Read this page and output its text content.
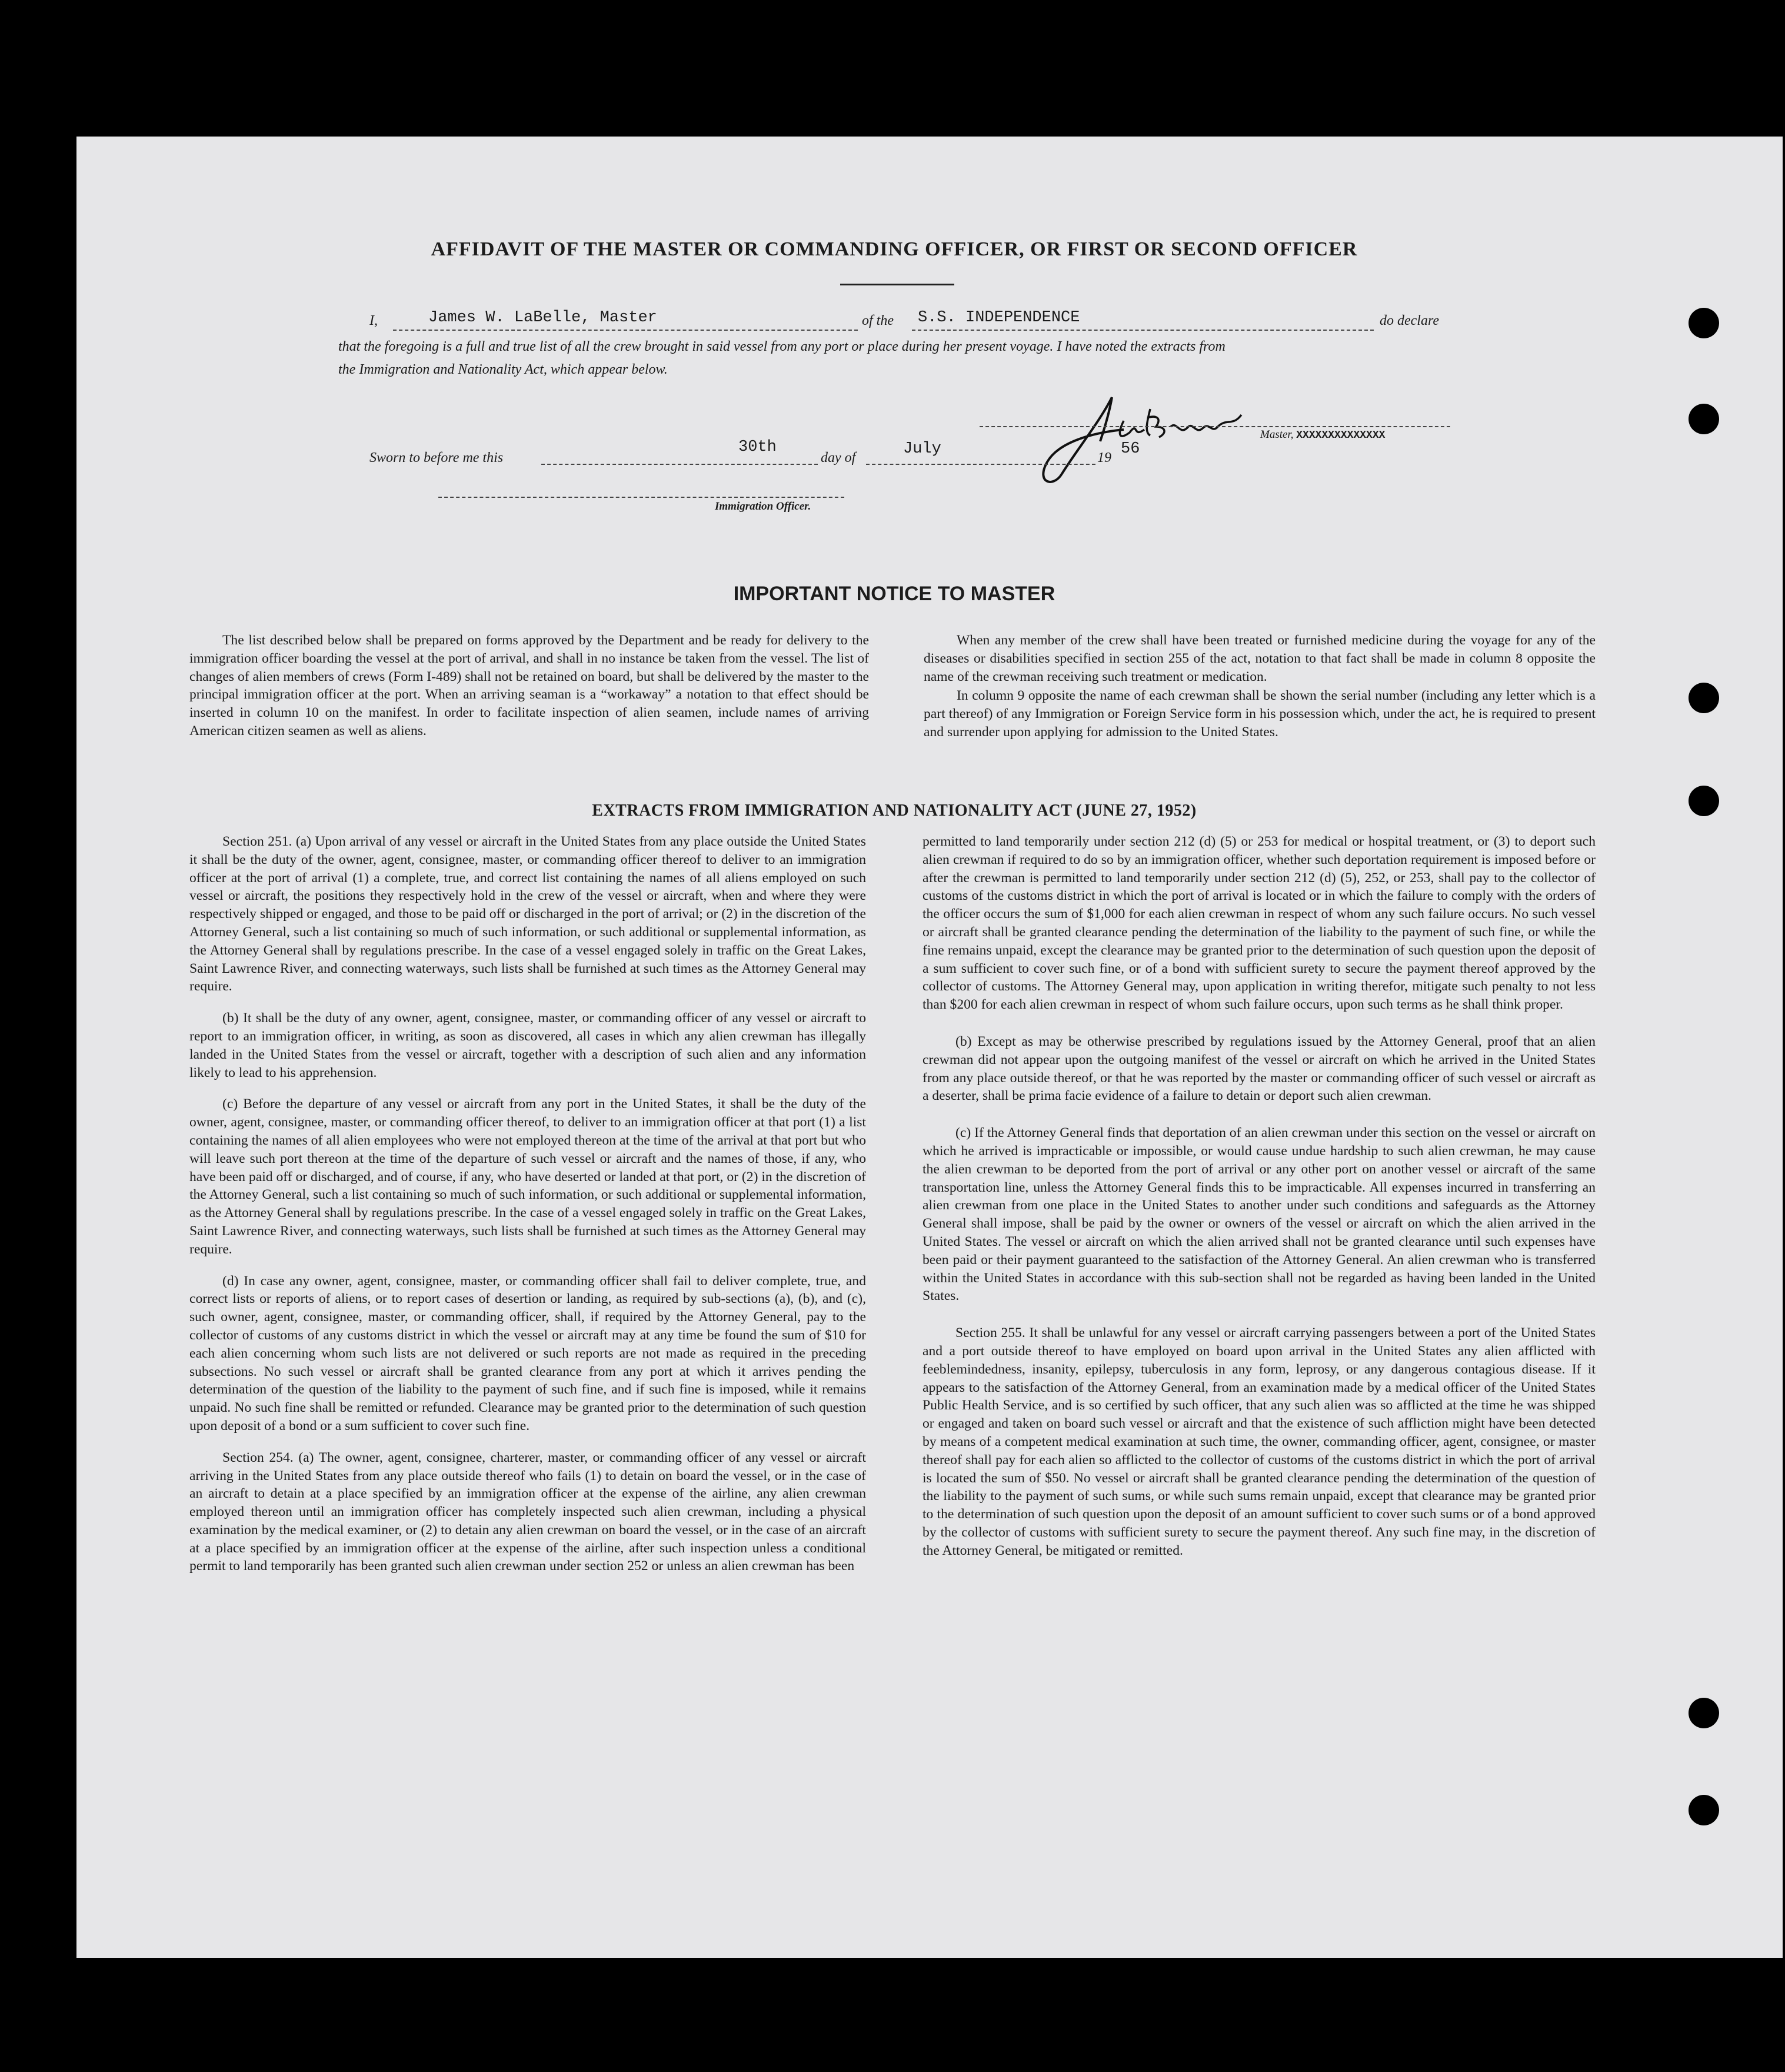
AFFIDAVIT OF THE MASTER OR COMMANDING OFFICER, OR FIRST OR SECOND OFFICER
I,	James W. LaBelle, Master	of the S.S. INDEPENDENCE	do declare
that the foregoing is a full and true list of all the crew brought in said vessel from any port or place during her present voyage. I have noted the extracts from
the Immigration and Nationality Act, which appear below.
Master, XXXXXXXXXXXXXX
Sworn to before me this
30th
day of	July	19 56
Immigration Officer.
IMPORTANT NOTICE TO MASTER

The list described below shall be prepared on forms approved by the Department and be ready for delivery to the immigration officer boarding the vessel at the port of arrival, and shall in no instance be taken from the vessel. The list of changes of alien members of crews (Form I-489) shall not be retained on board, but shall be delivered by the master to the principal immigration officer at the port. When an arriving seaman is a “workaway” a notation to that effect should be inserted in column 10 on the manifest. In order to facilitate inspection of alien seamen, include names of arriving American citizen seamen as well as aliens.

When any member of the crew shall have been treated or furnished medicine during the voyage for any of the diseases or disabilities specified in section 255 of the act, notation to that fact shall be made in column 8 opposite the name of the crewman receiving such treatment or medication.

In column 9 opposite the name of each crewman shall be shown the serial number (including any letter which is a part thereof) of any Immigration or Foreign Service form in his possession which, under the act, he is required to present and surrender upon applying for admission to the United States.

EXTRACTS FROM IMMIGRATION AND NATIONALITY ACT (JUNE 27, 1952)

Section 251. (a) Upon arrival of any vessel or aircraft in the United States from any place outside the United States it shall be the duty of the owner, agent, consignee, master, or commanding officer thereof to deliver to an immigration officer at the port of arrival (1) a complete, true, and correct list containing the names of all aliens employed on such vessel or aircraft, the positions they respectively hold in the crew of the vessel or aircraft, when and where they were respectively shipped or engaged, and those to be paid off or discharged in the port of arrival; or (2) in the discretion of the Attorney General, such a list containing so much of such information, or such additional or supplemental information, as the Attorney General shall by regulations prescribe. In the case of a vessel engaged solely in traffic on the Great Lakes, Saint Lawrence River, and connecting waterways, such lists shall be furnished at such times as the Attorney General may require.

(b) It shall be the duty of any owner, agent, consignee, master, or commanding officer of any vessel or aircraft to report to an immigration officer, in writing, as soon as discovered, all cases in which any alien crewman has illegally landed in the United States from the vessel or aircraft, together with a description of such alien and any information likely to lead to his apprehension.

(c) Before the departure of any vessel or aircraft from any port in the United States, it shall be the duty of the owner, agent, consignee, master, or commanding officer thereof, to deliver to an immigration officer at that port (1) a list containing the names of all alien employees who were not employed thereon at the time of the arrival at that port but who will leave such port thereon at the time of the departure of such vessel or aircraft and the names of those, if any, who have been paid off or discharged, and of course, if any, who have deserted or landed at that port, or (2) in the discretion of the Attorney General, such a list containing so much of such information, or such additional or supplemental information, as the Attorney General shall by regulations prescribe. In the case of a vessel engaged solely in traffic on the Great Lakes, Saint Lawrence River, and connecting waterways, such lists shall be furnished at such times as the Attorney General may require.

(d) In case any owner, agent, consignee, master, or commanding officer shall fail to deliver complete, true, and correct lists or reports of aliens, or to report cases of desertion or landing, as required by sub-sections (a), (b), and (c), such owner, agent, consignee, master, or commanding officer, shall, if required by the Attorney General, pay to the collector of customs of any customs district in which the vessel or aircraft may at any time be found the sum of $10 for each alien concerning whom such lists are not delivered or such reports are not made as required in the preceding subsections. No such vessel or aircraft shall be granted clearance from any port at which it arrives pending the determination of the question of the liability to the payment of such fine, and if such fine is imposed, while it remains unpaid. No such fine shall be remitted or refunded. Clearance may be granted prior to the determination of such question upon deposit of a bond or a sum sufficient to cover such fine.

Section 254. (a) The owner, agent, consignee, charterer, master, or commanding officer of any vessel or aircraft arriving in the United States from any place outside thereof who fails (1) to detain on board the vessel, or in the case of an aircraft to detain at a place specified by an immigration officer at the expense of the airline, any alien crewman employed thereon until an immigration officer has completely inspected such alien crewman, including a physical examination by the medical examiner, or (2) to detain any alien crewman on board the vessel, or in the case of an aircraft at a place specified by an immigration officer at the expense of the airline, after such inspection unless a conditional permit to land temporarily has been granted such alien crewman under section 252 or unless an alien crewman has been

permitted to land temporarily under section 212 (d) (5) or 253 for medical or hospital treatment, or (3) to deport such alien crewman if required to do so by an immigration officer, whether such deportation requirement is imposed before or after the crewman is permitted to land temporarily under section 212 (d) (5), 252, or 253, shall pay to the collector of customs of the customs district in which the port of arrival is located or in which the failure to comply with the orders of the officer occurs the sum of $1,000 for each alien crewman in respect of whom any such failure occurs. No such vessel or aircraft shall be granted clearance pending the determination of the liability to the payment of such fine, or while the fine remains unpaid, except the clearance may be granted prior to the determination of such question upon the deposit of a sum sufficient to cover such fine, or of a bond with sufficient surety to secure the payment thereof approved by the collector of customs. The Attorney General may, upon application in writing therefor, mitigate such penalty to not less than $200 for each alien crewman in respect of whom such failure occurs, upon such terms as he shall think proper.

(b) Except as may be otherwise prescribed by regulations issued by the Attorney General, proof that an alien crewman did not appear upon the outgoing manifest of the vessel or aircraft on which he arrived in the United States from any place outside thereof, or that he was reported by the master or commanding officer of such vessel or aircraft as a deserter, shall be prima facie evidence of a failure to detain or deport such alien crewman.

(c) If the Attorney General finds that deportation of an alien crewman under this section on the vessel or aircraft on which he arrived is impracticable or impossible, or would cause undue hardship to such alien crewman, he may cause the alien crewman to be deported from the port of arrival or any other port on another vessel or aircraft of the same transportation line, unless the Attorney General finds this to be impracticable. All expenses incurred in transferring an alien crewman from one place in the United States to another under such conditions and safeguards as the Attorney General shall impose, shall be paid by the owner or owners of the vessel or aircraft on which the alien arrived in the United States. The vessel or aircraft on which the alien arrived shall not be granted clearance until such expenses have been paid or their payment guaranteed to the satisfaction of the Attorney General. An alien crewman who is transferred within the United States in accordance with this sub-section shall not be regarded as having been landed in the United States.

Section 255. It shall be unlawful for any vessel or aircraft carrying passengers between a port of the United States and a port outside thereof to have employed on board upon arrival in the United States any alien afflicted with feeblemindedness, insanity, epilepsy, tuberculosis in any form, leprosy, or any dangerous contagious disease. If it appears to the satisfaction of the Attorney General, from an examination made by a medical officer of the United States Public Health Service, and is so certified by such officer, that any such alien was so afflicted at the time he was shipped or engaged and taken on board such vessel or aircraft and that the existence of such affliction might have been detected by means of a competent medical examination at such time, the owner, commanding officer, agent, consignee, or master thereof shall pay for each alien so afflicted to the collector of customs of the customs district in which the port of arrival is located the sum of $50. No vessel or aircraft shall be granted clearance pending the determination of the question of the liability to the payment of such sums, or while such sums remain unpaid, except that clearance may be granted prior to the determination of such question upon the deposit of an amount sufficient to cover such sums or of a bond approved by the collector of customs with sufficient surety to secure the payment thereof. Any such fine may, in the discretion of the Attorney General, be mitigated or remitted.
